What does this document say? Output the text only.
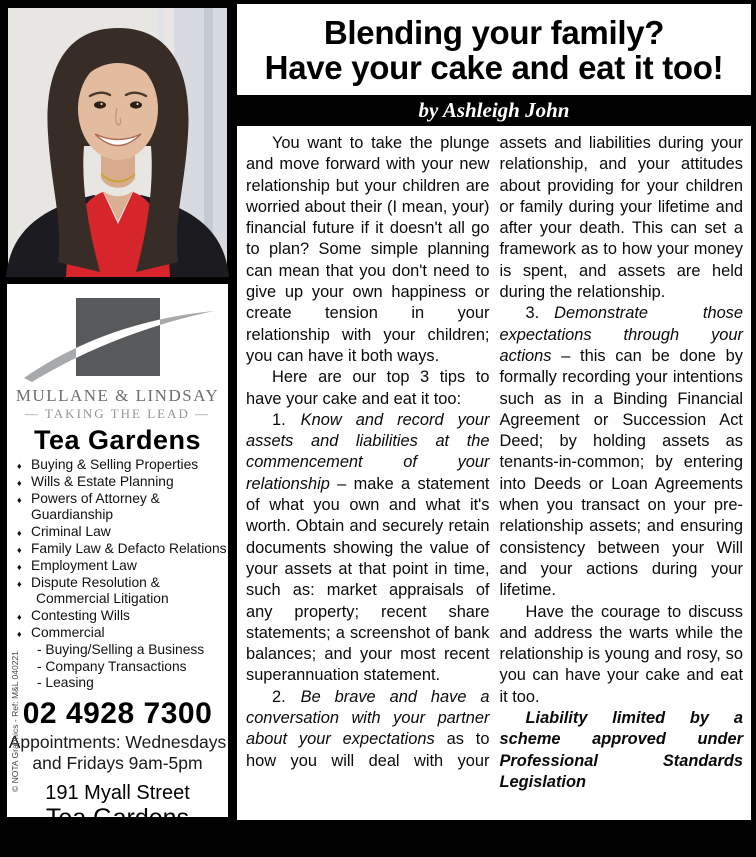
MULLANE & LINDSAY
— TAKING THE LEAD —
Tea Gardens
♦ Buying & Selling Properties
♦ Wills & Estate Planning
♦ Powers of Attorney & Guardianship
♦ Criminal Law
♦ Family Law & Defacto Relations
♦ Employment Law
♦ Dispute Resolution &
Commercial Litigation
♦ Contesting Wills
♦ Commercial
- Buying/Selling a Business
- Company Transactions
- Leasing
02 4928 7300
Appointments: Wednesdays
and Fridays 9am-5pm
191 Myall Street
Tea Gardens
www.mullanelindsay.com.au
© NOTA Graphics - Ref: M&L 040221
Blending your family?
Have your cake and eat it too!
by Ashleigh John

You want to take the plunge and move forward with your new relationship but your children are worried about their (I mean, your) financial future if it doesn't all go to plan? Some simple planning can mean that you don't need to give up your own happiness or create tension in your relationship with your children; you can have it both ways.

Here are our top 3 tips to have your cake and eat it too:

1. Know and record your assets and liabilities at the commencement of your relationship – make a statement of what you own and what it's worth. Obtain and securely retain documents showing the value of your assets at that point in time, such as: market appraisals of any property; recent share statements; a screenshot of bank balances; and your most recent superannuation statement.

2. Be brave and have a conversation with your partner about your expectations as to how you will deal with your

assets and liabilities during your relationship, and your attitudes about providing for your children or family during your lifetime and after your death. This can set a framework as to how your money is spent, and assets are held during the relationship.

3. Demonstrate those expectations through your actions – this can be done by formally recording your intentions such as in a Binding Financial Agreement or Succession Act Deed; by holding assets as tenants-in-common; by entering into Deeds or Loan Agreements when you transact on your pre-relationship assets; and ensuring consistency between your Will and your actions during your lifetime.

Have the courage to discuss and address the warts while the relationship is young and rosy, so you can have your cake and eat it too.

Liability limited by a scheme approved under Professional Standards Legislation
